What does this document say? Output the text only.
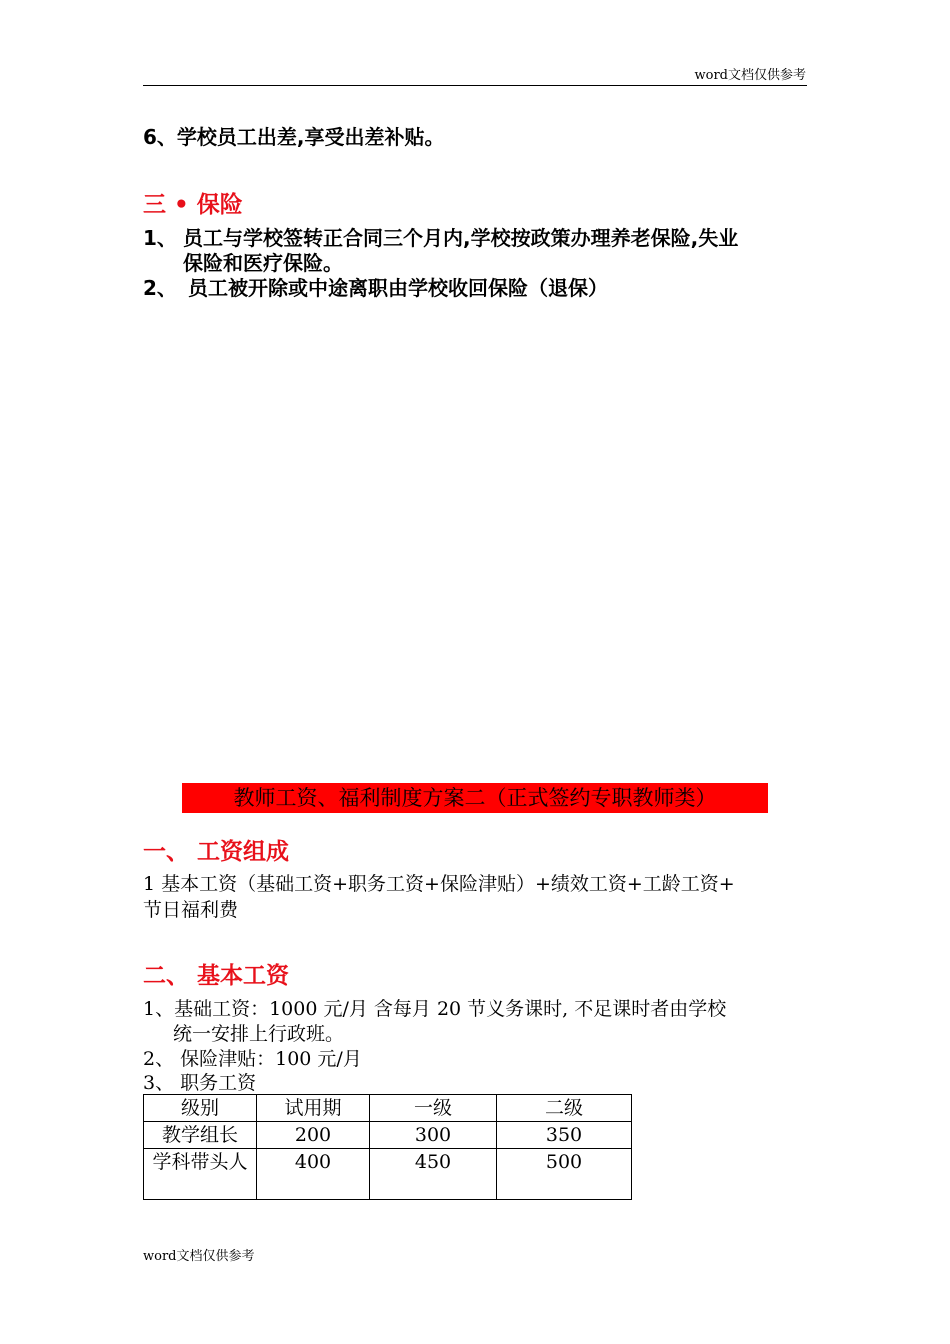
word文档仅供参考
6、学校员工出差,享受出差补贴。
三 • 保险
1、 员工与学校签转正合同三个月内,学校按政策办理养老保险,失业
保险和医疗保险。
2、 员工被开除或中途离职由学校收回保险（退保）
教师工资、福利制度方案二（正式签约专职教师类）
一、 工资组成
1 基本工资（基础工资+职务工资+保险津贴）+绩效工资+工龄工资+
节日福利费
二、 基本工资
1、基础工资：1000 元/月 含每月 20 节义务课时, 不足课时者由学校
统一安排上行政班。
2、 保险津贴：100 元/月
3、 职务工资
级别	试用期	一级	二级
教学组长	200	300	350
学科带头人	400	450	500
word文档仅供参考
